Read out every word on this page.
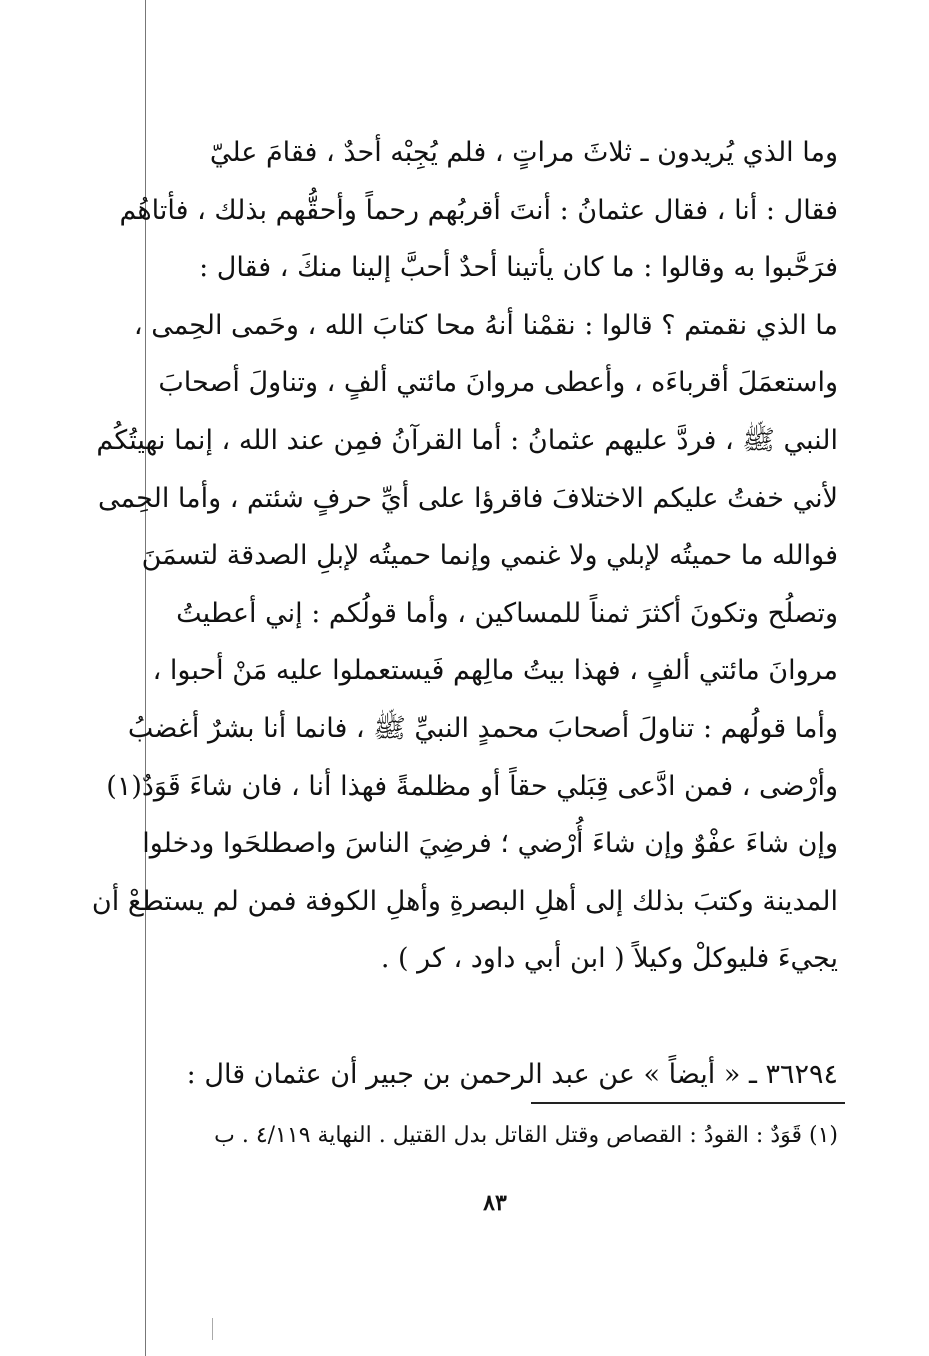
وما الذي يُريدون ـ ثلاثَ مراتٍ ، فلم يُجِبْه أحدٌ ، فقامَ عليّ
فقال : أنا ، فقال عثمانُ : أنتَ أقربُهم رحماً وأحقُّهم بذلك ، فأتاهُم
فرَحَّبوا به وقالوا : ما كان يأتينا أحدٌ أحبَّ إلينا منكَ ، فقال :
ما الذي نقمتم ؟ قالوا : نقمْنا أنهُ محا كتابَ الله ، وحَمى الحِمى ،
واستعمَلَ أقرباءَه ، وأعطى مروانَ مائتي ألفٍ ، وتناولَ أصحابَ
النبي ﷺ ، فردَّ عليهم عثمانُ : أما القرآنُ فمِن عند الله ، إنما نهيتُكُم
لأني خفتُ عليكم الاختلافَ فاقرؤا على أيِّ حرفٍ شئتم ، وأما الحِمى
فوالله ما حميتُه لإبلي ولا غنمي وإنما حميتُه لإبلِ الصدقة لتسمَنَ
وتصلُح وتكونَ أكثرَ ثمناً للمساكين ، وأما قولُكم : إني أعطيتُ
مروانَ مائتي ألفٍ ، فهذا بيتُ مالِهم فَيستعملوا عليه مَنْ أحبوا ،
وأما قولُهم : تناولَ أصحابَ محمدٍ النبيِّ ﷺ ، فانما أنا بشرٌ أغضبُ
وأرْضى ، فمن ادَّعى قِبَلي حقاً أو مظلمةً فهذا أنا ، فان شاءَ قَوَدٌ(١)
وإن شاءَ عفْوٌ وإن شاءَ أُرْضي ؛ فرضِيَ الناسَ واصطلحَوا ودخلوا
المدينة وكتبَ بذلك إلى أهلِ البصرةِ وأهلِ الكوفة فمن لم يستطعْ أن
يجيءَ فليوكلْ وكيلاً ( ابن أبي داود ، كر ) .

٣٦٢٩٤ ـ « أيضاً » عن عبد الرحمن بن جبير أن عثمان قال :
(١) قَوَدٌ : القودُ : القصاص وقتل القاتل بدل القتيل . النهاية ٤/١١٩ . ب
٨٣
